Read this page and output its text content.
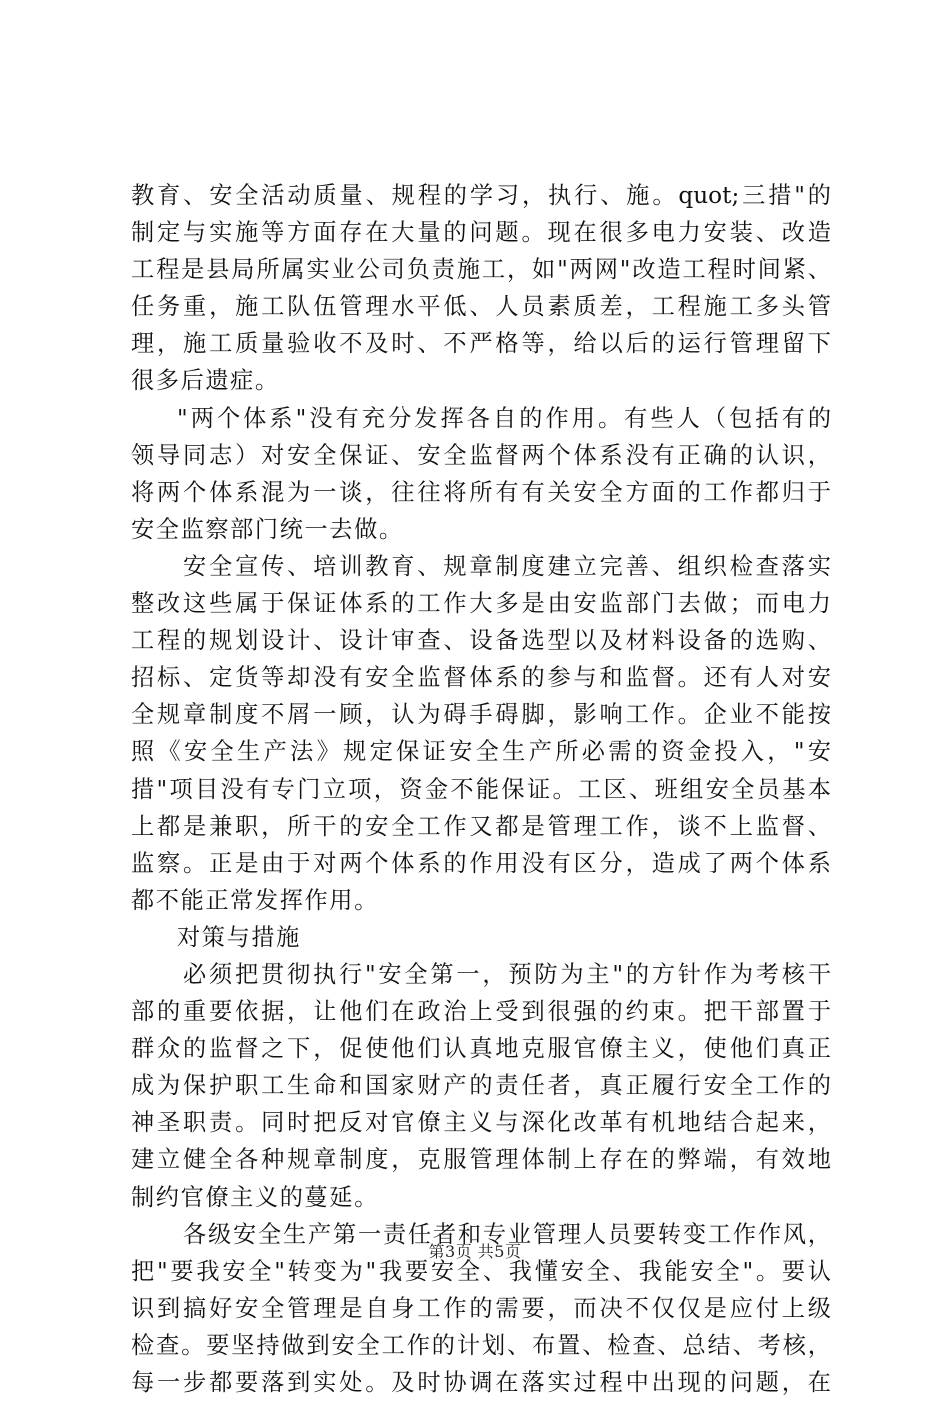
教育、安全活动质量、规程的学习，执行、施。quot;三措"的
制定与实施等方面存在大量的问题。现在很多电力安装、改造
工程是县局所属实业公司负责施工，如"两网"改造工程时间紧、
任务重，施工队伍管理水平低、人员素质差，工程施工多头管
理，施工质量验收不及时、不严格等，给以后的运行管理留下
很多后遗症。
"两个体系"没有充分发挥各自的作用。有些人（包括有的
领导同志）对安全保证、安全监督两个体系没有正确的认识，
将两个体系混为一谈，往往将所有有关安全方面的工作都归于
安全监察部门统一去做。
安全宣传、培训教育、规章制度建立完善、组织检查落实
整改这些属于保证体系的工作大多是由安监部门去做；而电力
工程的规划设计、设计审查、设备选型以及材料设备的选购、
招标、定货等却没有安全监督体系的参与和监督。还有人对安
全规章制度不屑一顾，认为碍手碍脚，影响工作。企业不能按
照《安全生产法》规定保证安全生产所必需的资金投入，"安
措"项目没有专门立项，资金不能保证。工区、班组安全员基本
上都是兼职，所干的安全工作又都是管理工作，谈不上监督、
监察。正是由于对两个体系的作用没有区分，造成了两个体系
都不能正常发挥作用。
对策与措施
必须把贯彻执行"安全第一，预防为主"的方针作为考核干
部的重要依据，让他们在政治上受到很强的约束。把干部置于
群众的监督之下，促使他们认真地克服官僚主义，使他们真正
成为保护职工生命和国家财产的责任者，真正履行安全工作的
神圣职责。同时把反对官僚主义与深化改革有机地结合起来，
建立健全各种规章制度，克服管理体制上存在的弊端，有效地
制约官僚主义的蔓延。
各级安全生产第一责任者和专业管理人员要转变工作作风，
把"要我安全"转变为"我要安全、我懂安全、我能安全"。要认
识到搞好安全管理是自身工作的需要，而决不仅仅是应付上级
检查。要坚持做到安全工作的计划、布置、检查、总结、考核，
每一步都要落到实处。及时协调在落实过程中出现的问题，在
第3页 共5页
